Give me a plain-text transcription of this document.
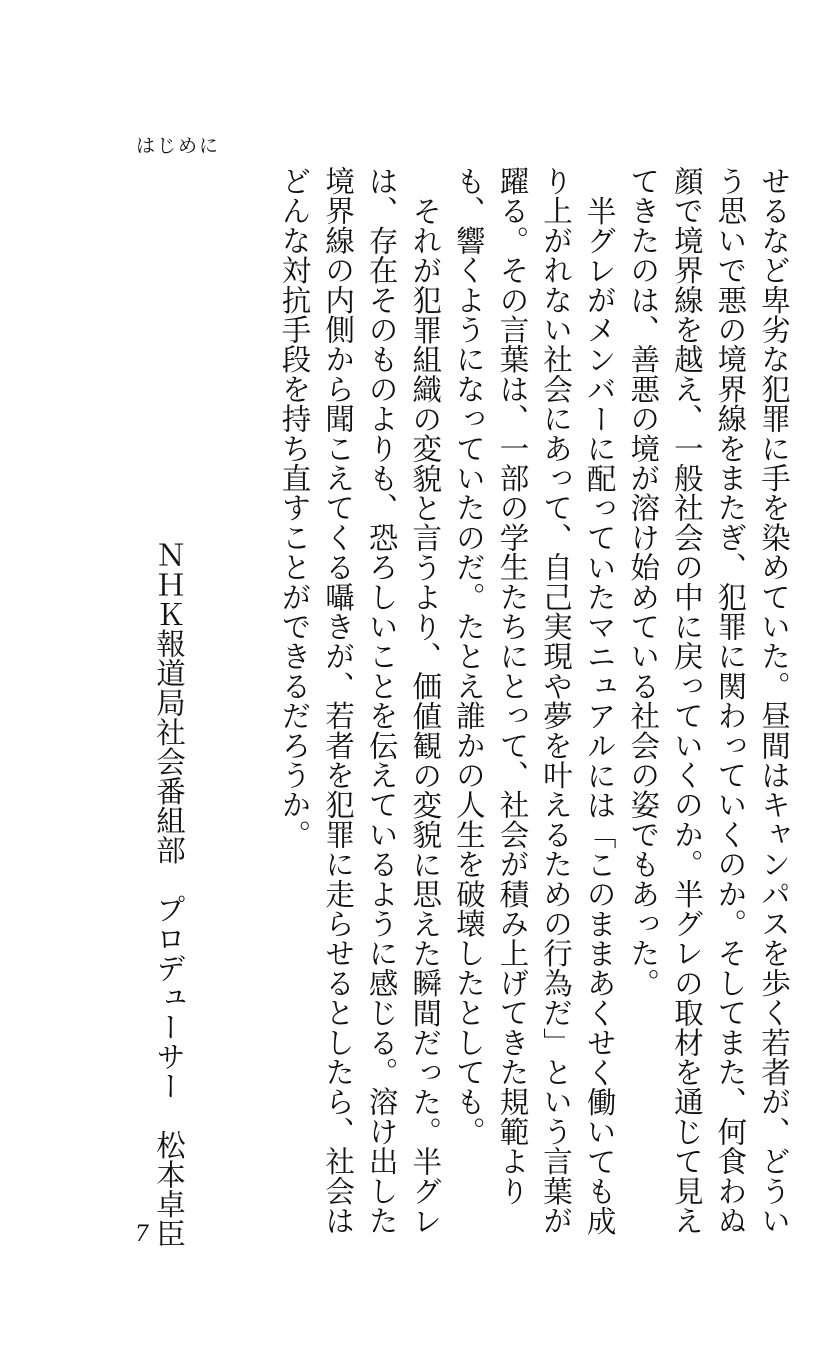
はじめに

せるなど卑劣な犯罪に手を染めていた。昼間はキャンパスを歩く若者が、どういう思いで悪の境界線をまたぎ、犯罪に関わっていくのか。そしてまた、何食わぬ顔で境界線を越え、一般社会の中に戻っていくのか。半グレの取材を通じて見えてきたのは、善悪の境が溶け始めている社会の姿でもあった。

半グレがメンバーに配っていたマニュアルには「このままあくせく働いても成り上がれない社会にあって、自己実現や夢を叶えるための行為だ」という言葉が躍る。その言葉は、一部の学生たちにとって、社会が積み上げてきた規範よりも、響くようになっていたのだ。たとえ誰かの人生を破壊したとしても。

それが犯罪組織の変貌と言うより、価値観の変貌に思えた瞬間だった。半グレは、存在そのものよりも、恐ろしいことを伝えているように感じる。溶け出した境界線の内側から聞こえてくる囁きが、若者を犯罪に走らせるとしたら、社会はどんな対抗手段を持ち直すことができるだろうか。

ＮＨＫ報道局社会番組部　プロデューサー　松本卓臣
7
